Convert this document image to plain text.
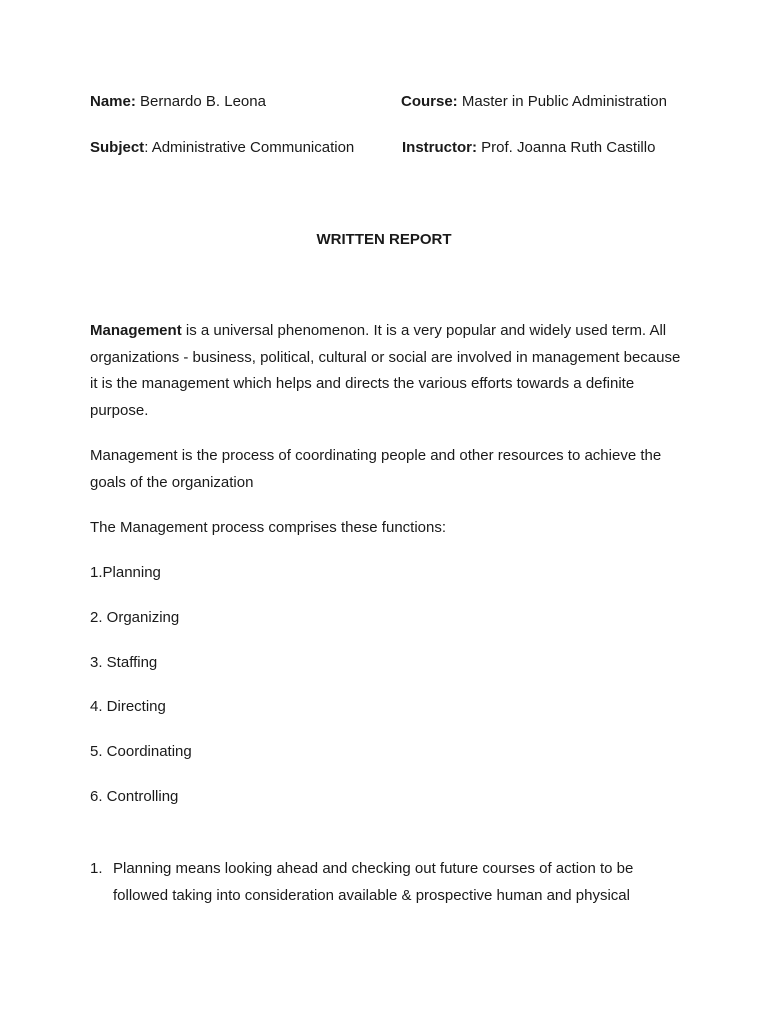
Name: Bernardo B. Leona	Course: Master in Public Administration
Subject: Administrative Communication	Instructor: Prof. Joanna Ruth Castillo
WRITTEN REPORT
Management is a universal phenomenon. It is a very popular and widely used term. All organizations - business, political, cultural or social are involved in management because it is the management which helps and directs the various efforts towards a definite purpose.
Management is the process of coordinating people and other resources to achieve the goals of the organization
The Management process comprises these functions:
1.Planning
2. Organizing
3. Staffing
4. Directing
5. Coordinating
6. Controlling
1. Planning means looking ahead and checking out future courses of action to be followed taking into consideration available & prospective human and physical
